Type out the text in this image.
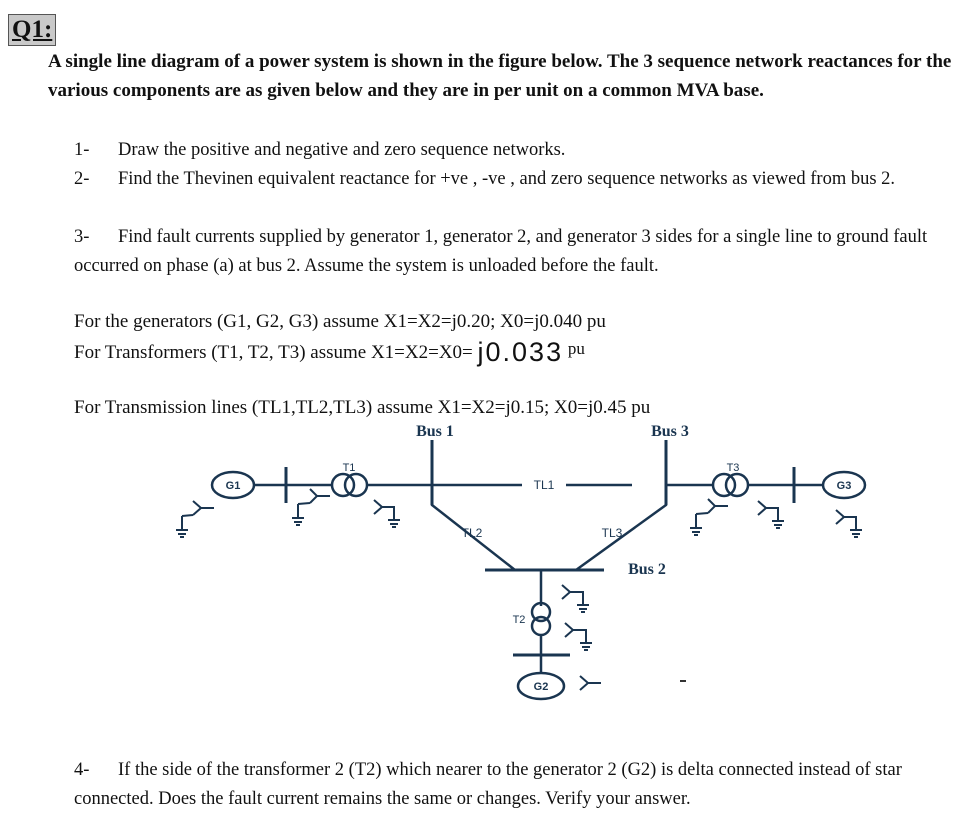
Q1:

A single line diagram of a power system is shown in the figure below. The 3 sequence network reactances for the various components are as given below and they are in per unit on a common MVA base.

1- Draw the positive and negative and zero sequence networks.

2- Find the Thevinen equivalent reactance for +ve , -ve , and zero sequence networks as viewed from bus 2.

3- Find fault currents supplied by generator 1, generator 2, and generator 3 sides for a single line to ground fault occurred on phase (a) at bus 2. Assume the system is unloaded before the fault.

For the generators (G1, G2, G3) assume X1=X2=j0.20; X0=j0.040 pu

For Transformers (T1, T2, T3) assume X1=X2=X0= j0.033 pu

For Transmission lines (TL1,TL2,TL3) assume X1=X2=j0.15; X0=j0.45 pu

Bus 1	Bus 3
Bus 2
TL1
TL2	TL3
T1	T3
T2
G1	G3
G2

4- If the side of the transformer 2 (T2) which nearer to the generator 2 (G2) is delta connected instead of star connected. Does the fault current remains the same or changes. Verify your answer.
